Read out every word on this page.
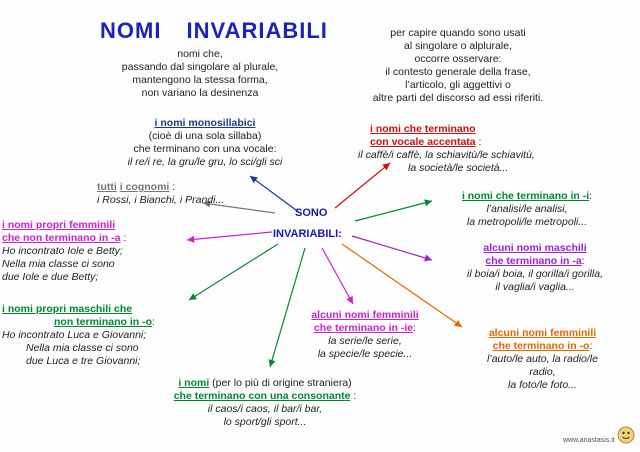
NOMI INVARIABILI
nomi che,
passando dal singolare al plurale,
mantengono la stessa forma,
non variano la desinenza
per capire quando sono usati
al singolare o alplurale,
occorre osservare:
il contesto generale della frase,
l’articolo, gli aggettivi o
altre parti del discorso ad essi riferiti.
SONO
INVARIABILI:
i nomi monosillabici
(cioè di una sola sillaba)
che terminano con una vocale:
il re/i re, la gru/le gru, lo sci/gli sci
tutti i cognomi :
i Rossi, i Bianchi, i Prandi...
i nomi propri femminili
che non terminano in -a :
Ho incontrato Iole e Betty;
Nella mia classe ci sono
due Iole e due Betty;
i nomi propri maschili che
non terminano in -o:
Ho incontrato Luca e Giovanni;
Nella mia classe ci sono
due Luca e tre Giovanni;
i nomi (per lo più di origine straniera)
che terminano con una consonante :
il caos/i caos, il bar/i bar,
lo sport/gli sport...
alcuni nomi femminili
che terminano in -ie:
la serie/le serie,
la specie/le specie...
alcuni nomi femminili
che terminano in -o:
l’auto/le auto, la radio/le
radio,
la foto/le foto...
alcuni nomi maschili
che terminano in -a:
il boia/i boia, il gorilla/i gorilla,
il vaglia/i vaglia...
i nomi che terminano in -i:
l’analisi/le analisi,
la metropoli/le metropoli...
i nomi che terminano
con vocale accentata :
il caffè/i caffè, la schiavitù/le schiavitù,
la società/le società...
www.anastasis.it
